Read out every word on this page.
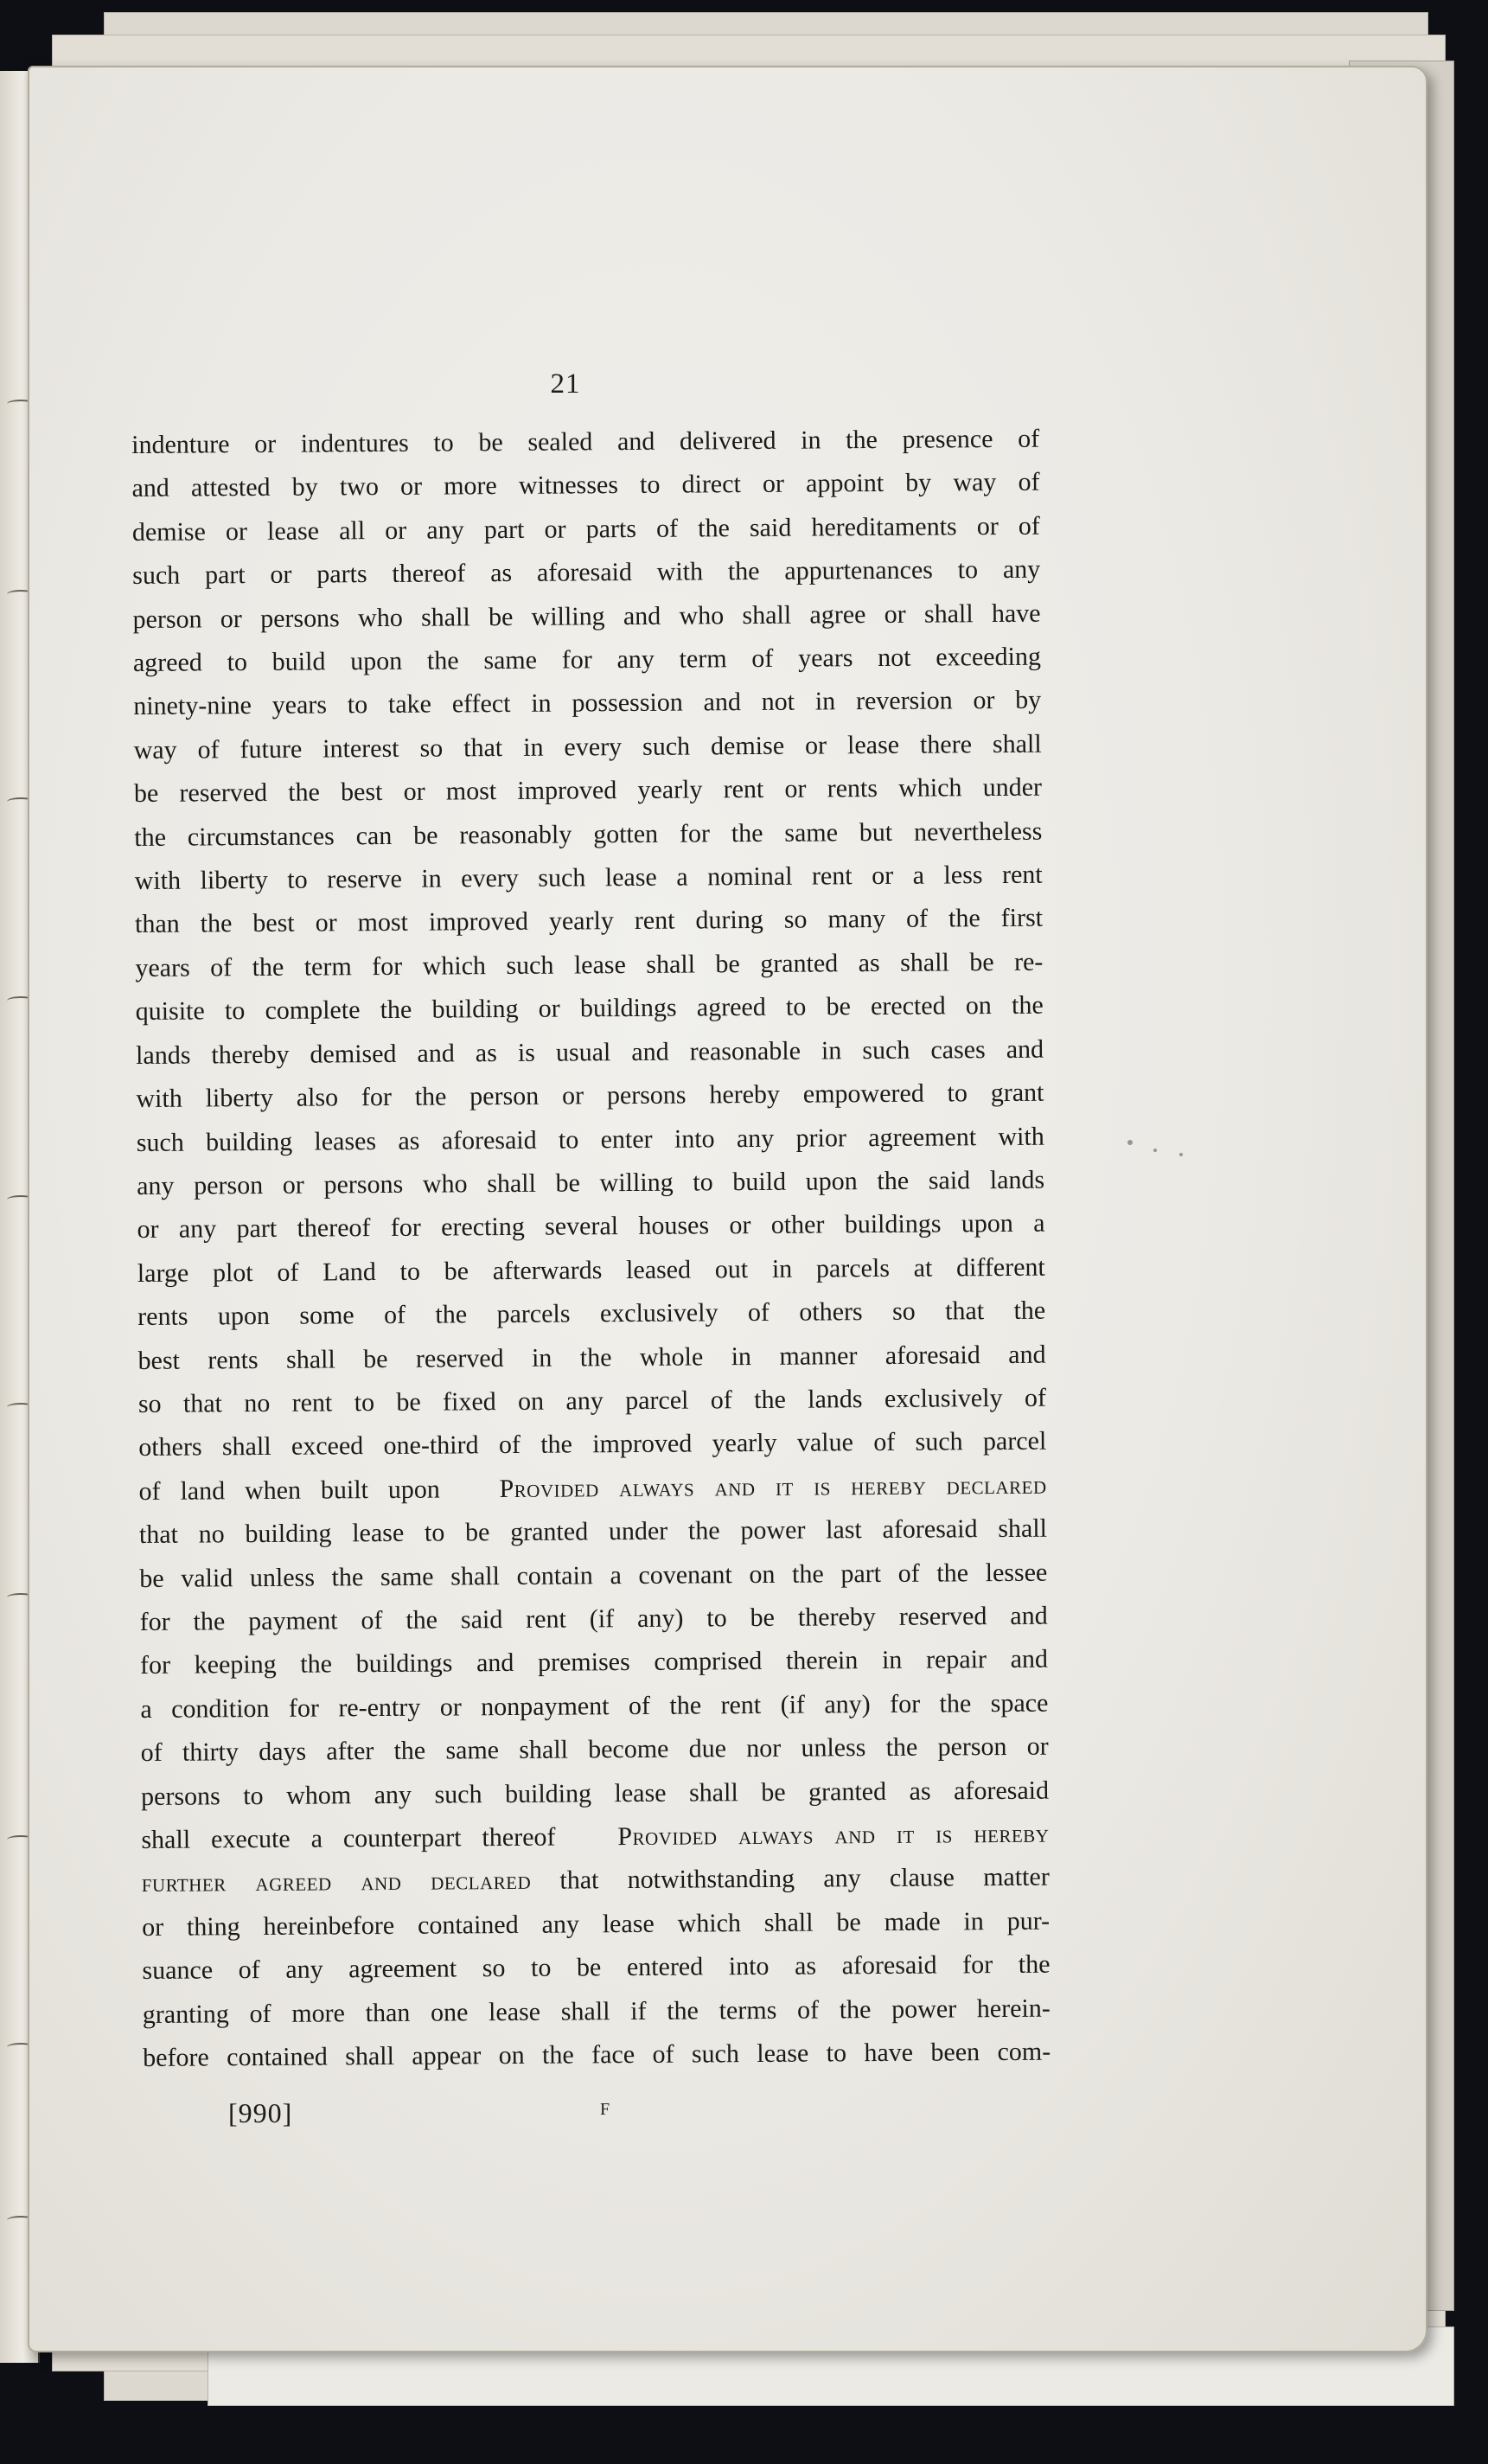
21
indenture or indentures to be sealed and delivered in the presence of
and attested by two or more witnesses to direct or appoint by way of
demise or lease all or any part or parts of the said hereditaments or of
such part or parts thereof as aforesaid with the appurtenances to any
person or persons who shall be willing and who shall agree or shall have
agreed to build upon the same for any term of years not exceeding
ninety-nine years to take effect in possession and not in reversion or by
way of future interest so that in every such demise or lease there shall
be reserved the best or most improved yearly rent or rents which under
the circumstances can be reasonably gotten for the same but nevertheless
with liberty to reserve in every such lease a nominal rent or a less rent
than the best or most improved yearly rent during so many of the first
years of the term for which such lease shall be granted as shall be re-
quisite to complete the building or buildings agreed to be erected on the
lands thereby demised and as is usual and reasonable in such cases and
with liberty also for the person or persons hereby empowered to grant
such building leases as aforesaid to enter into any prior agreement with
any person or persons who shall be willing to build upon the said lands
or any part thereof for erecting several houses or other buildings upon a
large plot of Land to be afterwards leased out in parcels at different
rents upon some of the parcels exclusively of others so that the
best rents shall be reserved in the whole in manner aforesaid and
so that no rent to be fixed on any parcel of the lands exclusively of
others shall exceed one-third of the improved yearly value of such parcel
of land when built upon Provided always and it is hereby declared
that no building lease to be granted under the power last aforesaid shall
be valid unless the same shall contain a covenant on the part of the lessee
for the payment of the said rent (if any) to be thereby reserved and
for keeping the buildings and premises comprised therein in repair and
a condition for re-entry or nonpayment of the rent (if any) for the space
of thirty days after the same shall become due nor unless the person or
persons to whom any such building lease shall be granted as aforesaid
shall execute a counterpart thereof Provided always and it is hereby
further agreed and declared that notwithstanding any clause matter
or thing hereinbefore contained any lease which shall be made in pur-
suance of any agreement so to be entered into as aforesaid for the
granting of more than one lease shall if the terms of the power herein-
before contained shall appear on the face of such lease to have been com-
[990]	F
